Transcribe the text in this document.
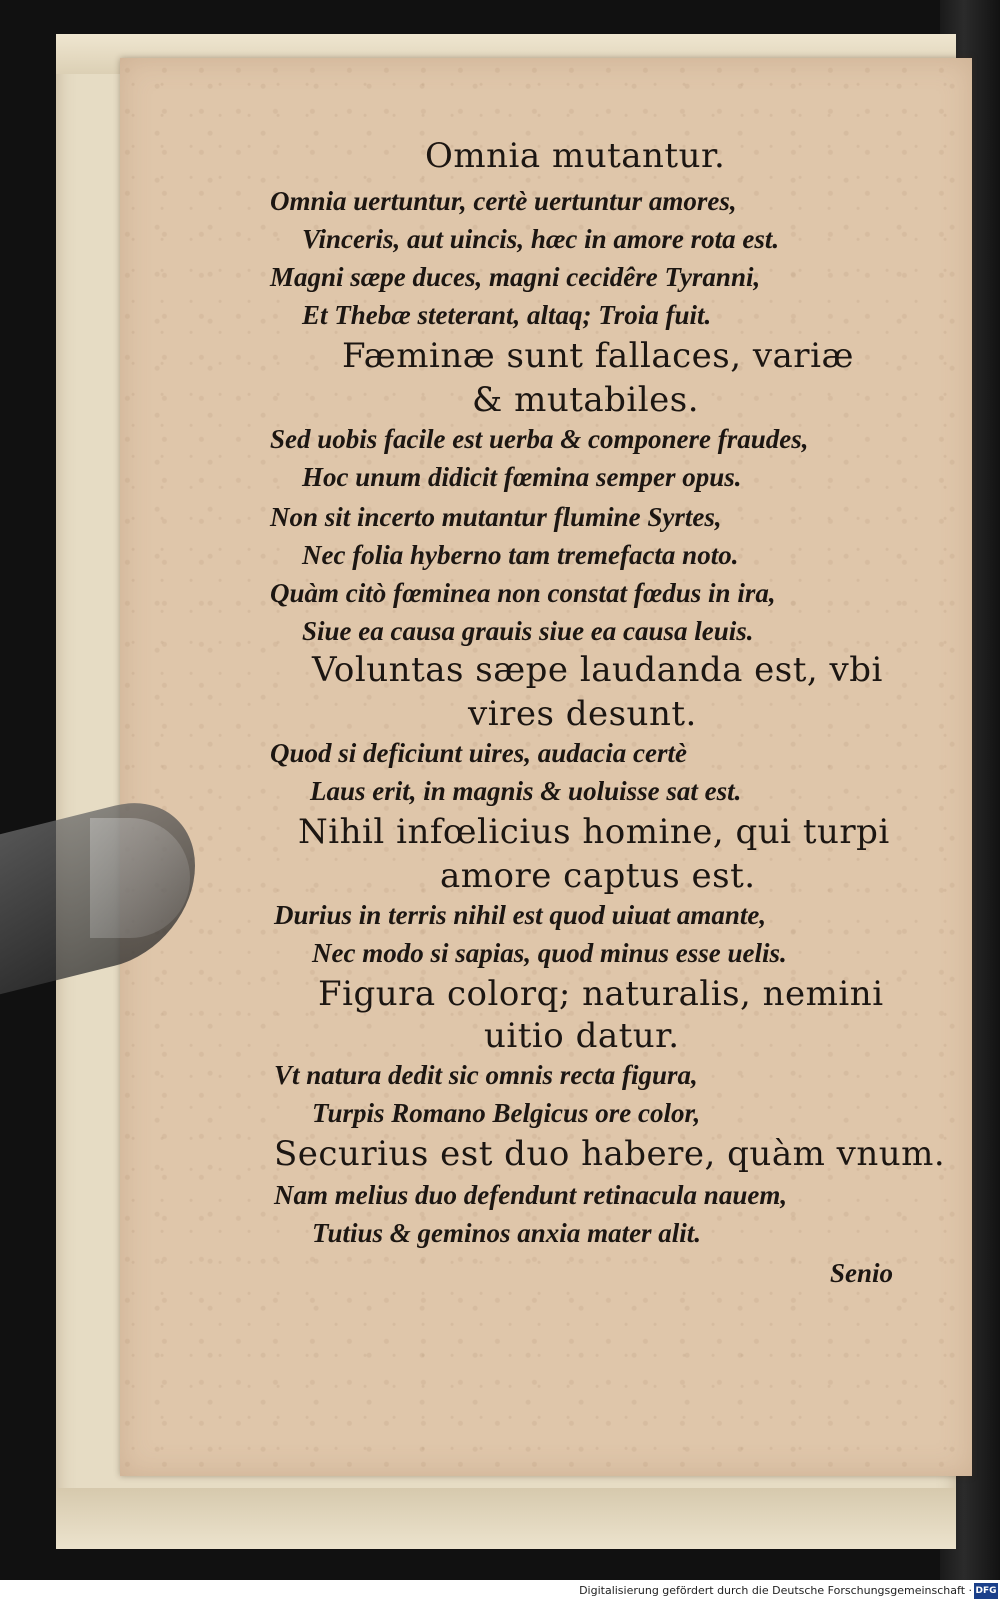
Omnia mutantur.
Omnia uertuntur, certè uertuntur amores,
Vinceris, aut uincis, hæc in amore rota est.
Magni sæpe duces, magni cecidêre Tyranni,
Et Thebæ steterant, altaq; Troia fuit.
Fæminæ sunt fallaces, variæ
& mutabiles.
Sed uobis facile est uerba & componere fraudes,
Hoc unum didicit fœmina semper opus.
Non sit incerto mutantur flumine Syrtes,
Nec folia hyberno tam tremefacta noto.
Quàm citò fœminea non constat fœdus in ira,
Siue ea causa grauis siue ea causa leuis.
Voluntas sæpe laudanda est, vbi
vires desunt.
Quod si deficiunt uires, audacia certè
Laus erit, in magnis & uoluisse sat est.
Nihil infœlicius homine, qui turpi
amore captus est.
Durius in terris nihil est quod uiuat amante,
Nec modo si sapias, quod minus esse uelis.
Figura colorq; naturalis, nemini
uitio datur.
Vt natura dedit sic omnis recta figura,
Turpis Romano Belgicus ore color,
Securius est duo habere, quàm vnum.
Nam melius duo defendunt retinacula nauem,
Tutius & geminos anxia mater alit.
Senio
Digitalisierung gefördert durch die Deutsche Forschungsgemeinschaft · DFG
